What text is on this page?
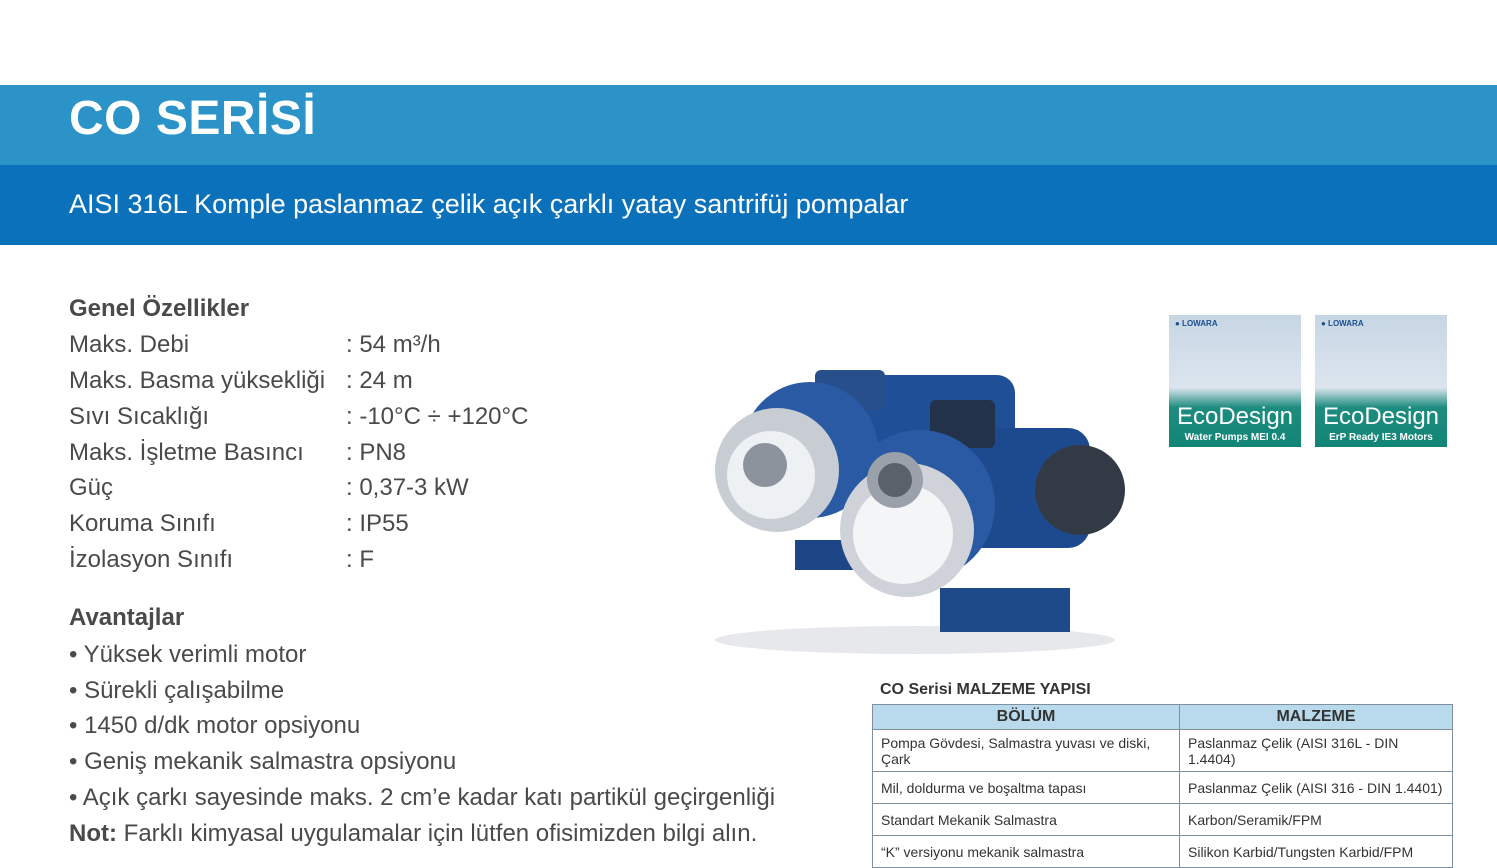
CO SERİSİ
AISI 316L Komple paslanmaz çelik açık çarklı yatay santrifüj pompalar
Genel Özellikler
Maks. Debi	: 54 m³/h
Maks. Basma yüksekliği : 24 m
Sıvı Sıcaklığı	: -10°C ÷ +120°C
Maks. İşletme Basıncı : PN8
Güç	: 0,37-3 kW
Koruma Sınıfı	: IP55
İzolasyon Sınıfı	: F
Avantajlar
• Yüksek verimli motor
• Sürekli çalışabilme
• 1450 d/dk motor opsiyonu
• Geniş mekanik salmastra opsiyonu
• Açık çarkı sayesinde maks. 2 cm’e kadar katı partikül geçirgenliği
Not: Farklı kimyasal uygulamalar için lütfen ofisimizden bilgi alın.
● LOWARA
EcoDesign
Water Pumps MEI 0.4
● LOWARA
EcoDesign
ErP Ready IE3 Motors
CO Serisi MALZEME YAPISI
BÖLÜM	MALZEME
Pompa Gövdesi, Salmastra yuvası ve diski, Çark	Paslanmaz Çelik (AISI 316L - DIN 1.4404)
Mil, doldurma ve boşaltma tapası	Paslanmaz Çelik (AISI 316 - DIN 1.4401)
Standart Mekanik Salmastra	Karbon/Seramik/FPM
“K” versiyonu mekanik salmastra	Silikon Karbid/Tungsten Karbid/FPM
